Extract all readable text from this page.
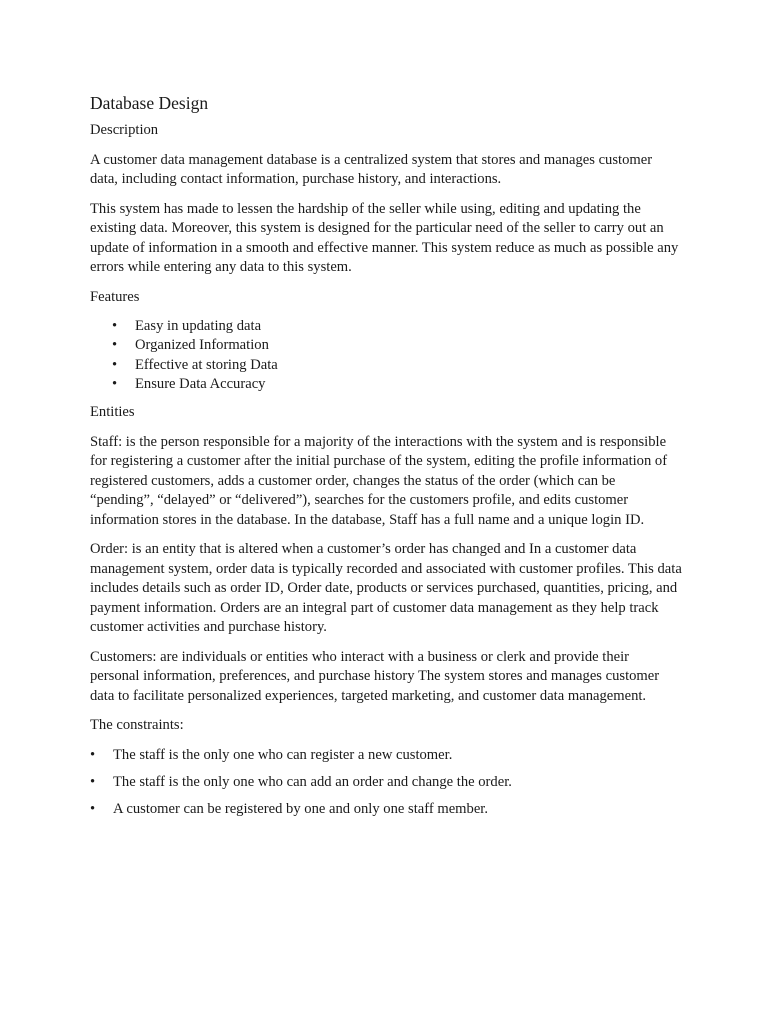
Database Design
Description

A customer data management database is a centralized system that stores and manages customer data, including contact information, purchase history, and interactions.

This system has made to lessen the hardship of the seller while using, editing and updating the existing data. Moreover, this system is designed for the particular need of the seller to carry out an update of information in a smooth and effective manner. This system reduce as much as possible any errors while entering any data to this system.

Features
• Easy in updating data
• Organized Information
• Effective at storing Data
• Ensure Data Accuracy
Entities

Staff: is the person responsible for a majority of the interactions with the system and is responsible for registering a customer after the initial purchase of the system, editing the profile information of registered customers, adds a customer order, changes the status of the order (which can be “pending”, “delayed” or “delivered”), searches for the customers profile, and edits customer information stores in the database. In the database, Staff has a full name and a unique login ID.

Order: is an entity that is altered when a customer’s order has changed and In a customer data management system, order data is typically recorded and associated with customer profiles. This data includes details such as order ID, Order date, products or services purchased, quantities, pricing, and payment information. Orders are an integral part of customer data management as they help track customer activities and purchase history.

Customers: are individuals or entities who interact with a business or clerk and provide their personal information, preferences, and purchase history The system stores and manages customer data to facilitate personalized experiences, targeted marketing, and customer data management.

The constraints:
• The staff is the only one who can register a new customer.
• The staff is the only one who can add an order and change the order.
• A customer can be registered by one and only one staff member.
